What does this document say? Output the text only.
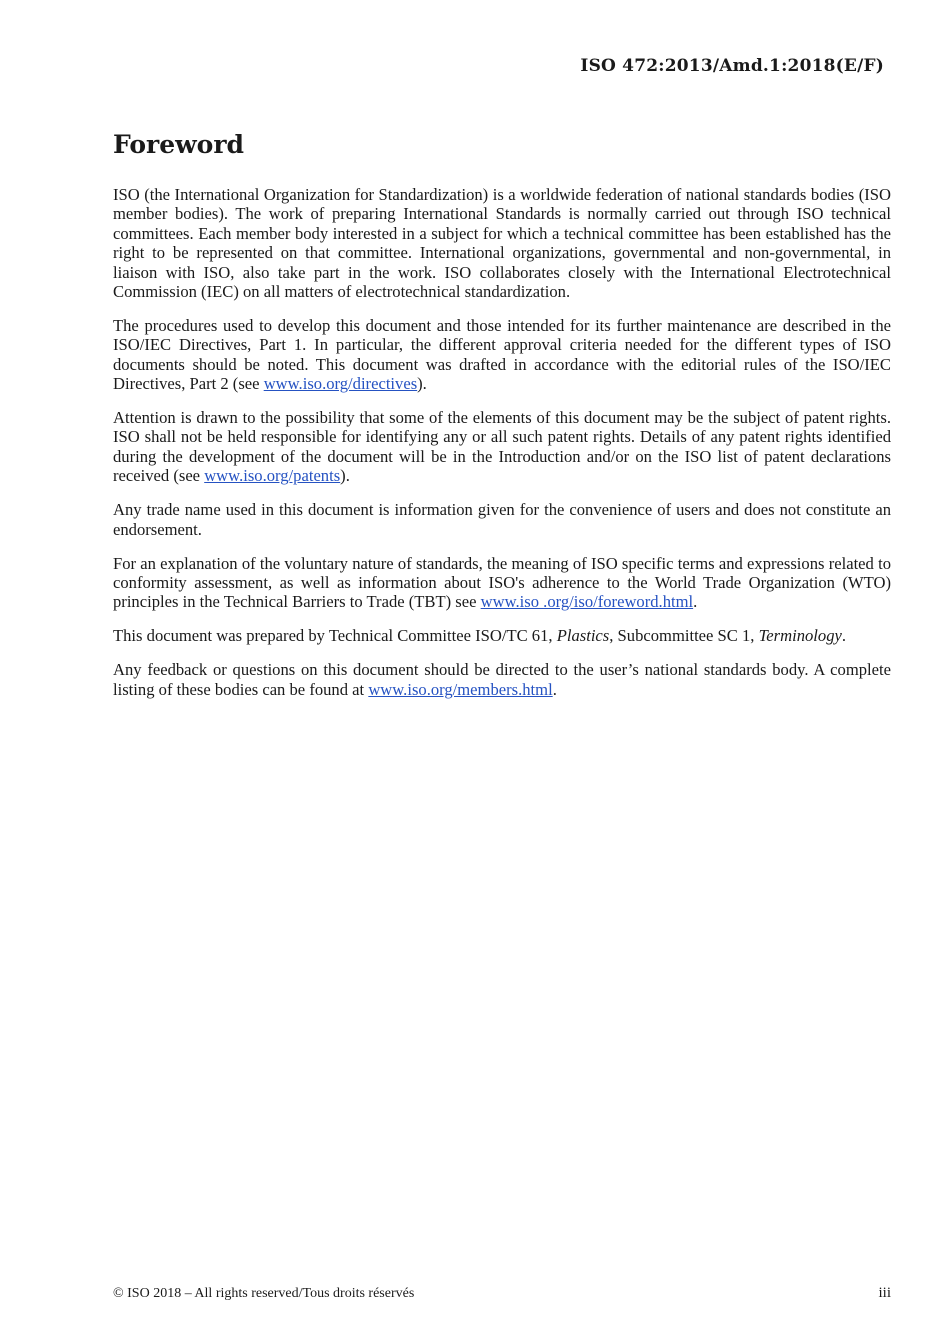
ISO 472:2013/Amd.1:2018(E/F)
Foreword

ISO (the International Organization for Standardization) is a worldwide federation of national standards bodies (ISO member bodies). The work of preparing International Standards is normally carried out through ISO technical committees. Each member body interested in a subject for which a technical committee has been established has the right to be represented on that committee. International organizations, governmental and non-governmental, in liaison with ISO, also take part in the work. ISO collaborates closely with the International Electrotechnical Commission (IEC) on all matters of electrotechnical standardization.

The procedures used to develop this document and those intended for its further maintenance are described in the ISO/IEC Directives, Part 1. In particular, the different approval criteria needed for the different types of ISO documents should be noted. This document was drafted in accordance with the editorial rules of the ISO/IEC Directives, Part 2 (see www.iso.org/directives).

Attention is drawn to the possibility that some of the elements of this document may be the subject of patent rights. ISO shall not be held responsible for identifying any or all such patent rights. Details of any patent rights identified during the development of the document will be in the Introduction and/or on the ISO list of patent declarations received (see www.iso.org/patents).

Any trade name used in this document is information given for the convenience of users and does not constitute an endorsement.

For an explanation of the voluntary nature of standards, the meaning of ISO specific terms and expressions related to conformity assessment, as well as information about ISO's adherence to the World Trade Organization (WTO) principles in the Technical Barriers to Trade (TBT) see www.iso .org/iso/foreword.html.

This document was prepared by Technical Committee ISO/TC 61, Plastics, Subcommittee SC 1, Terminology.

Any feedback or questions on this document should be directed to the user’s national standards body. A complete listing of these bodies can be found at www.iso.org/members.html.

© ISO 2018 – All rights reserved/Tous droits réservés	iii
